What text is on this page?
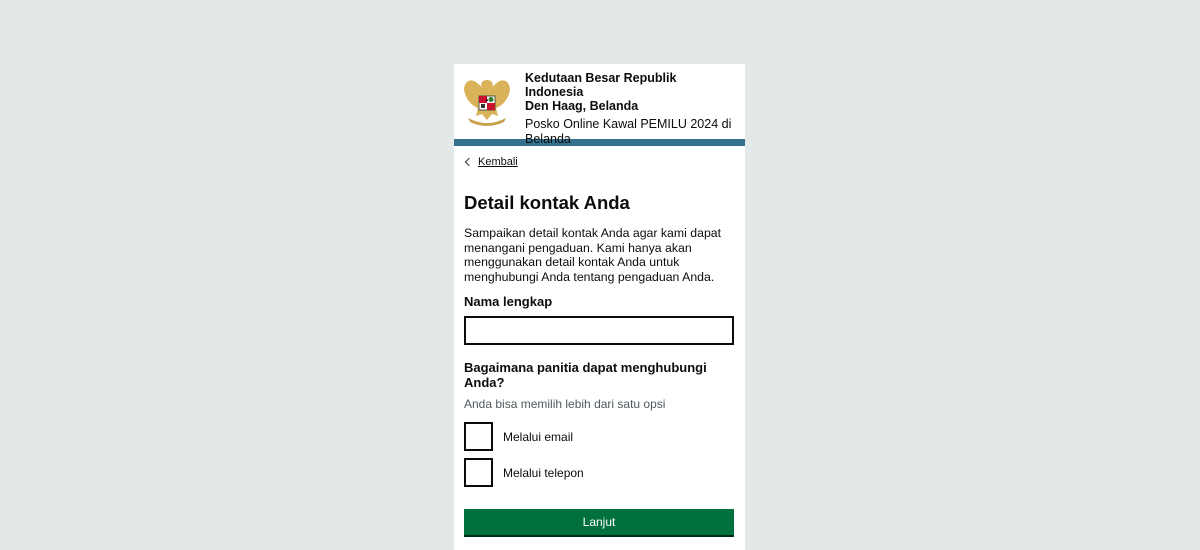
Kedutaan Besar Republik Indonesia
Den Haag, Belanda
Posko Online Kawal PEMILU 2024 di Belanda
Kembali
Detail kontak Anda
Sampaikan detail kontak Anda agar kami dapat menangani pengaduan. Kami hanya akan menggunakan detail kontak Anda untuk menghubungi Anda tentang pengaduan Anda.
Nama lengkap
Bagaimana panitia dapat menghubungi Anda?
Anda bisa memilih lebih dari satu opsi
Melalui email
Melalui telepon
Lanjut
